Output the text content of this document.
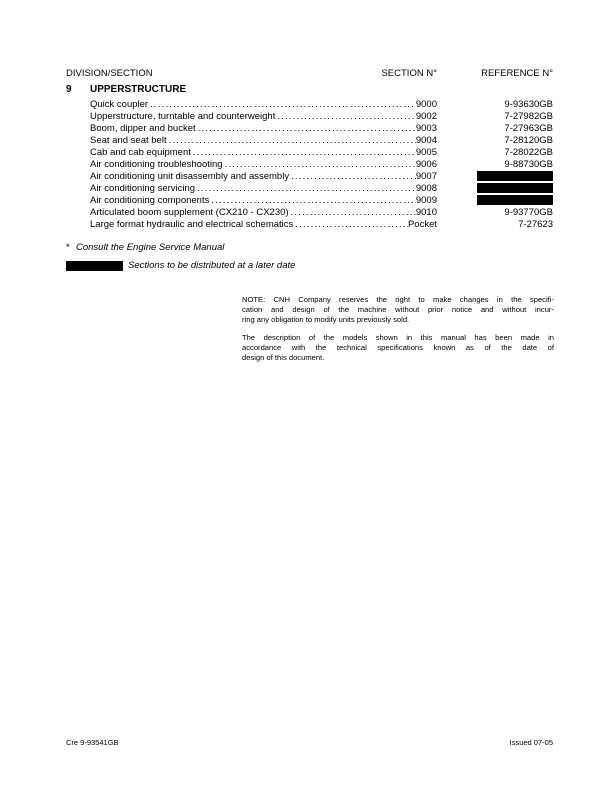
DIVISION/SECTION	SECTION N°	REFERENCE N°
9	UPPERSTRUCTURE
Quick coupler .....	9000	9-93630GB
Upperstructure, turntable and counterweight .....	9002	7-27982GB
Boom, dipper and bucket .....	9003	7-27963GB
Seat and seat belt .....	9004	7-28120GB
Cab and cab equipment .....	9005	7-28022GB
Air conditioning troubleshooting .....	9006	9-88730GB
Air conditioning unit disassembly and assembly .....	9007
Air conditioning servicing .....	9008
Air conditioning components .....	9009
Articulated boom supplement (CX210 - CX230) .....	9010	9-93770GB
Large format hydraulic and electrical schematics .....	Pocket	7-27623
* Consult the Engine Service Manual
Sections to be distributed at a later date
NOTE: CNH Company reserves the right to make changes in the specifi-
cation and design of the machine without prior notice and without incur-
ring any obligation to modify units previously sold.
The description of the models shown in this manual has been made in
accordance with the technical specifications known as of the date of
design of this document.
Cre 9-93541GB	Issued 07-05
